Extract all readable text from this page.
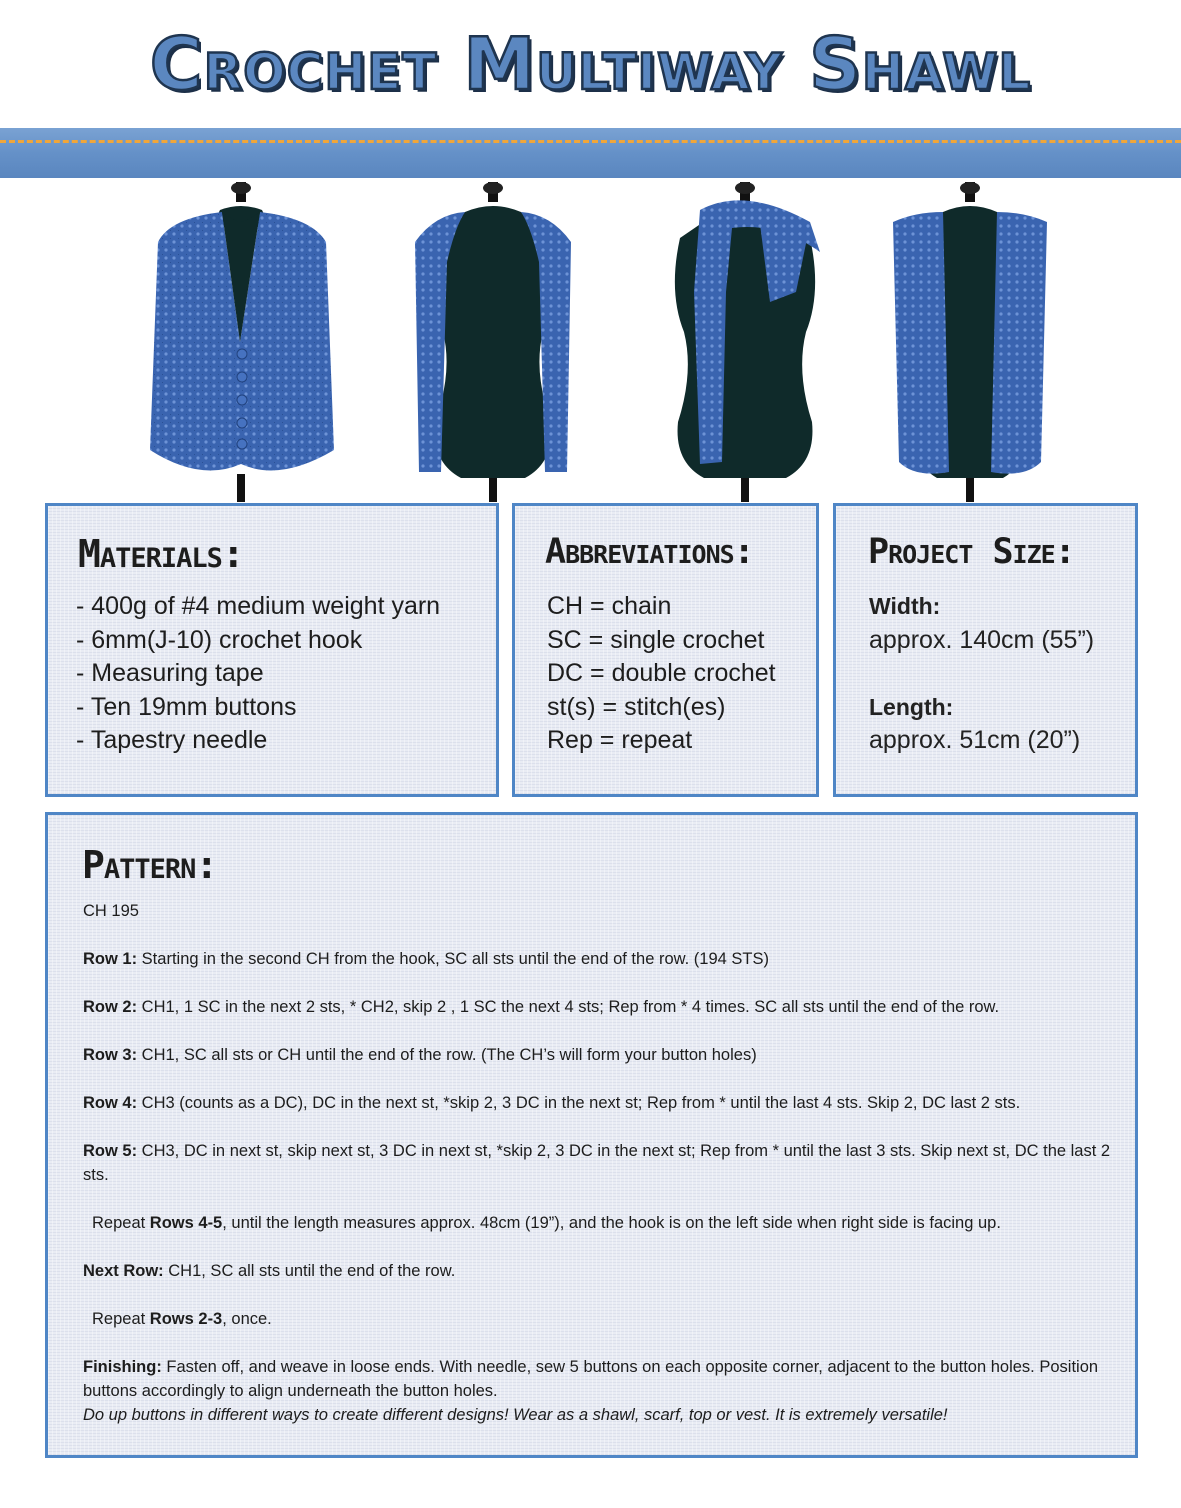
Crochet Multiway Shawl
Materials:
- 400g of #4 medium weight yarn
- 6mm(J-10) crochet hook
- Measuring tape
- Ten 19mm buttons
- Tapestry needle
Abbreviations:
CH = chain
SC = single crochet
DC = double crochet
st(s) = stitch(es)
Rep = repeat
Project Size:
Width:
approx. 140cm (55”)
Length:
approx. 51cm (20”)
Pattern:

CH 195

Row 1: Starting in the second CH from the hook, SC all sts until the end of the row. (194 STS)

Row 2: CH1, 1 SC in the next 2 sts, * CH2, skip 2 , 1 SC the next 4 sts; Rep from * 4 times. SC all sts until the end of the row.

Row 3: CH1, SC all sts or CH until the end of the row. (The CH’s will form your button holes)

Row 4: CH3 (counts as a DC), DC in the next st, *skip 2, 3 DC in the next st; Rep from * until the last 4 sts. Skip 2, DC last 2 sts.

Row 5: CH3, DC in next st, skip next st, 3 DC in next st, *skip 2, 3 DC in the next st; Rep from * until the last 3 sts. Skip next st, DC the last 2 sts.

Repeat Rows 4-5, until the length measures approx. 48cm (19”), and the hook is on the left side when right side is facing up.

Next Row: CH1, SC all sts until the end of the row.

Repeat Rows 2-3, once.

Finishing: Fasten off, and weave in loose ends. With needle, sew 5 buttons on each opposite corner, adjacent to the button holes. Position buttons accordingly to align underneath the button holes.

Do up buttons in different ways to create different designs! Wear as a shawl, scarf, top or vest. It is extremely versatile!
